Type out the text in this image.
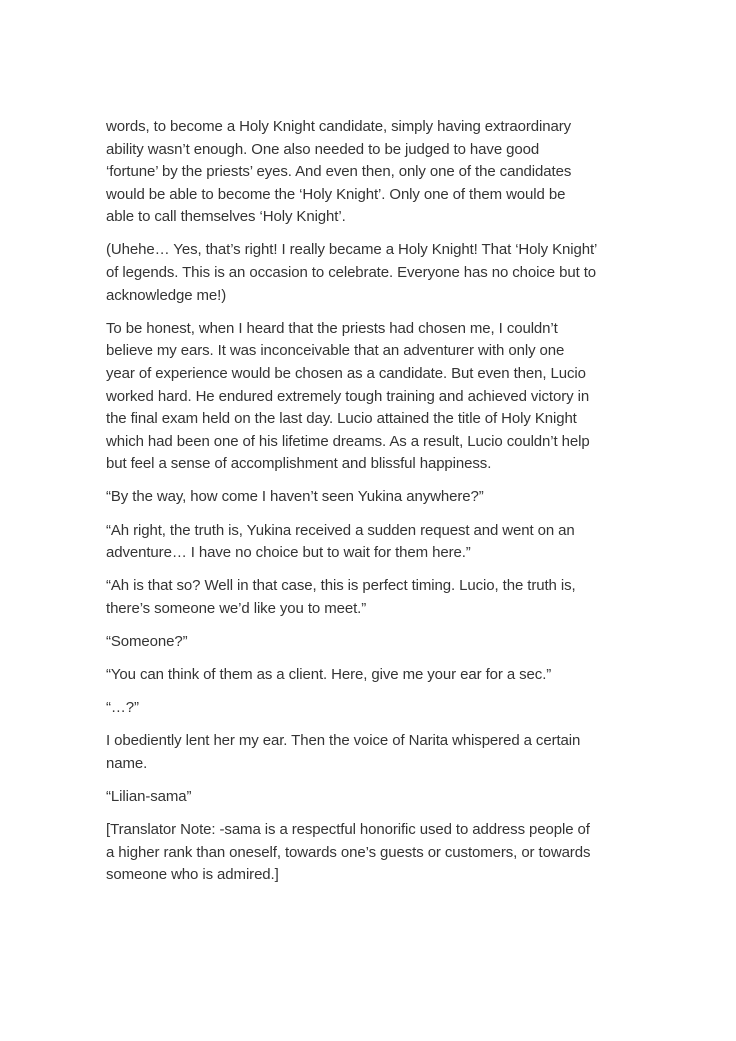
words, to become a Holy Knight candidate, simply having extraordinary
ability wasn’t enough. One also needed to be judged to have good
‘fortune’ by the priests’ eyes. And even then, only one of the candidates
would be able to become the ‘Holy Knight’. Only one of them would be
able to call themselves ‘Holy Knight’.

(Uhehe… Yes, that’s right! I really became a Holy Knight! That ‘Holy Knight’
of legends. This is an occasion to celebrate. Everyone has no choice but to
acknowledge me!)

To be honest, when I heard that the priests had chosen me, I couldn’t
believe my ears. It was inconceivable that an adventurer with only one
year of experience would be chosen as a candidate. But even then, Lucio
worked hard. He endured extremely tough training and achieved victory in
the final exam held on the last day. Lucio attained the title of Holy Knight
which had been one of his lifetime dreams. As a result, Lucio couldn’t help
but feel a sense of accomplishment and blissful happiness.

“By the way, how come I haven’t seen Yukina anywhere?”

“Ah right, the truth is, Yukina received a sudden request and went on an
adventure… I have no choice but to wait for them here.”

“Ah is that so? Well in that case, this is perfect timing. Lucio, the truth is,
there’s someone we’d like you to meet.”

“Someone?”

“You can think of them as a client. Here, give me your ear for a sec.”

“…?”

I obediently lent her my ear. Then the voice of Narita whispered a certain
name.

“Lilian-sama”

[Translator Note: -sama is a respectful honorific used to address people of
a higher rank than oneself, towards one’s guests or customers, or towards
someone who is admired.]
